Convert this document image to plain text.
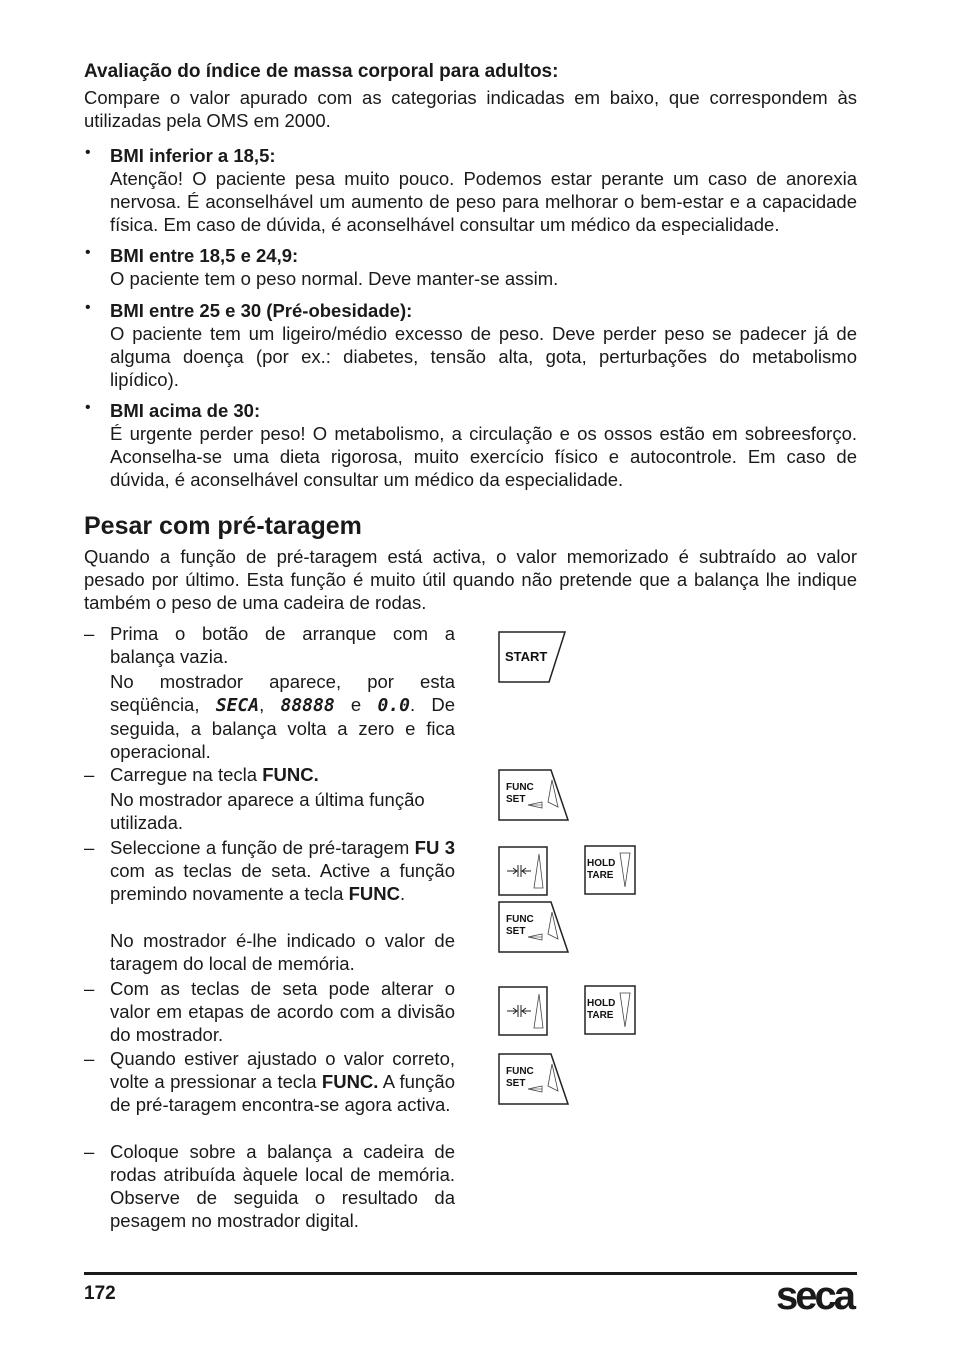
Avaliação do índice de massa corporal para adultos:

Compare o valor apurado com as categorias indicadas em baixo, que correspondem às utilizadas pela OMS em 2000.

• BMI inferior a 18,5:

Atenção! O paciente pesa muito pouco. Podemos estar perante um caso de anorexia nervosa. É aconselhável um aumento de peso para melhorar o bem-estar e a capacidade física. Em caso de dúvida, é aconselhável consultar um médico da especialidade.

• BMI entre 18,5 e 24,9:

O paciente tem o peso normal. Deve manter-se assim.

• BMI entre 25 e 30 (Pré-obesidade):

O paciente tem um ligeiro/médio excesso de peso. Deve perder peso se padecer já de alguma doença (por ex.: diabetes, tensão alta, gota, perturbações do metabolismo lipídico).

• BMI acima de 30:

É urgente perder peso! O metabolismo, a circulação e os ossos estão em sobreesforço. Aconselha-se uma dieta rigorosa, muito exercício físico e autocontrole. Em caso de dúvida, é aconselhável consultar um médico da especialidade.

Pesar com pré-taragem

Quando a função de pré-taragem está activa, o valor memorizado é subtraído ao valor pesado por último. Esta função é muito útil quando não pretende que a balança lhe indique também o peso de uma cadeira de rodas.

– Prima o botão de arranque com a balança vazia.

No mostrador aparece, por esta seqüência, SECA, 88888 e 0.0. De seguida, a balança volta a zero e fica operacional.

– Carregue na tecla FUNC.

No mostrador aparece a última função utilizada.

– Seleccione a função de pré-taragem FU 3 com as teclas de seta. Active a função premindo novamente a tecla FUNC.

No mostrador é-lhe indicado o valor de taragem do local de memória.

– Com as teclas de seta pode alterar o valor em etapas de acordo com a divisão do mostrador.

– Quando estiver ajustado o valor correto, volte a pressionar a tecla FUNC. A função de pré-taragem encontra-se agora activa.

– Coloque sobre a balança a cadeira de rodas atribuída àquele local de memória. Observe de seguida o resultado da pesagem no mostrador digital.

START
FUNC
SET
HOLD
TARE
FUNC
SET
HOLD
TARE
FUNC
SET
172	seca
